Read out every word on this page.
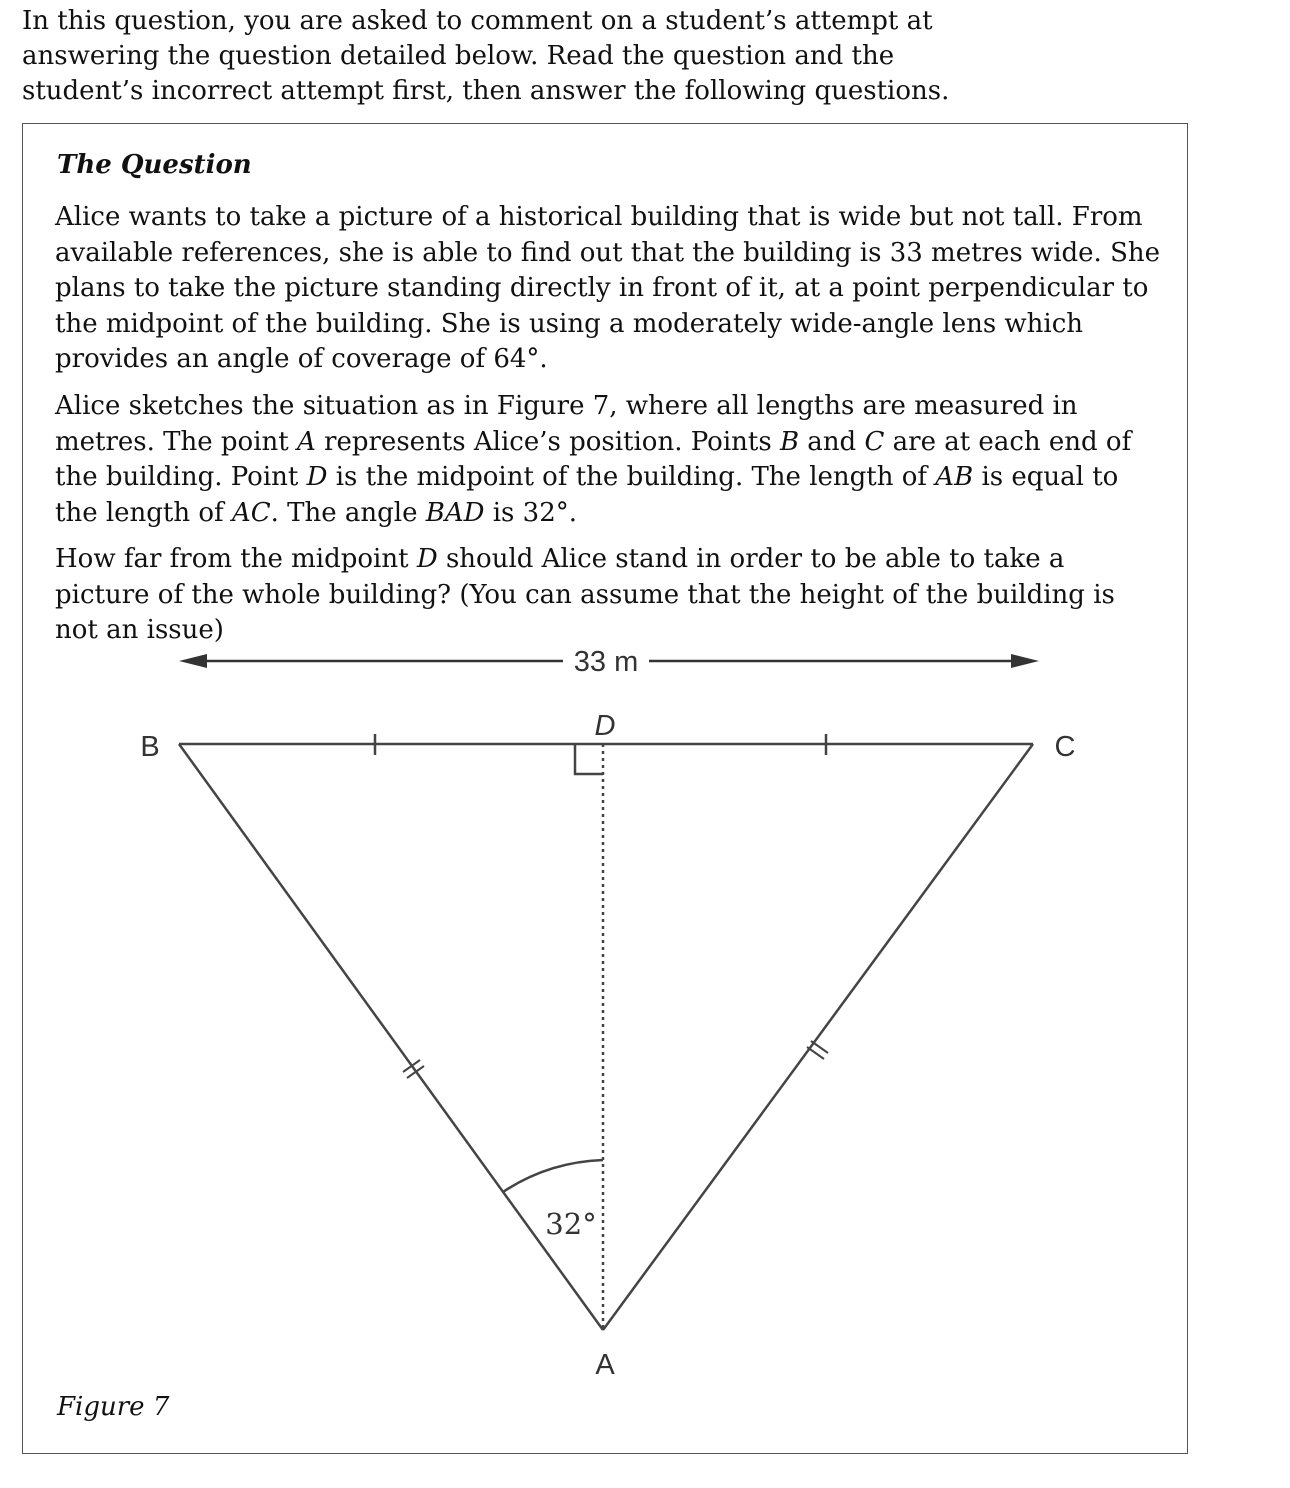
In this question, you are asked to comment on a student’s attempt at answering the question detailed below. Read the question and the student’s incorrect attempt first, then answer the following questions.

The Question

Alice wants to take a picture of a historical building that is wide but not tall. From available references, she is able to find out that the building is 33 metres wide. She plans to take the picture standing directly in front of it, at a point perpendicular to the midpoint of the building. She is using a moderately wide-angle lens which provides an angle of coverage of 64°.

Alice sketches the situation as in Figure 7, where all lengths are measured in metres. The point A represents Alice’s position. Points B and C are at each end of the building. Point D is the midpoint of the building. The length of AB is equal to the length of AC. The angle BAD is 32°.

How far from the midpoint D should Alice stand in order to be able to take a picture of the whole building? (You can assume that the height of the building is not an issue)

33 m
B	C
D
A
32°

Figure 7
